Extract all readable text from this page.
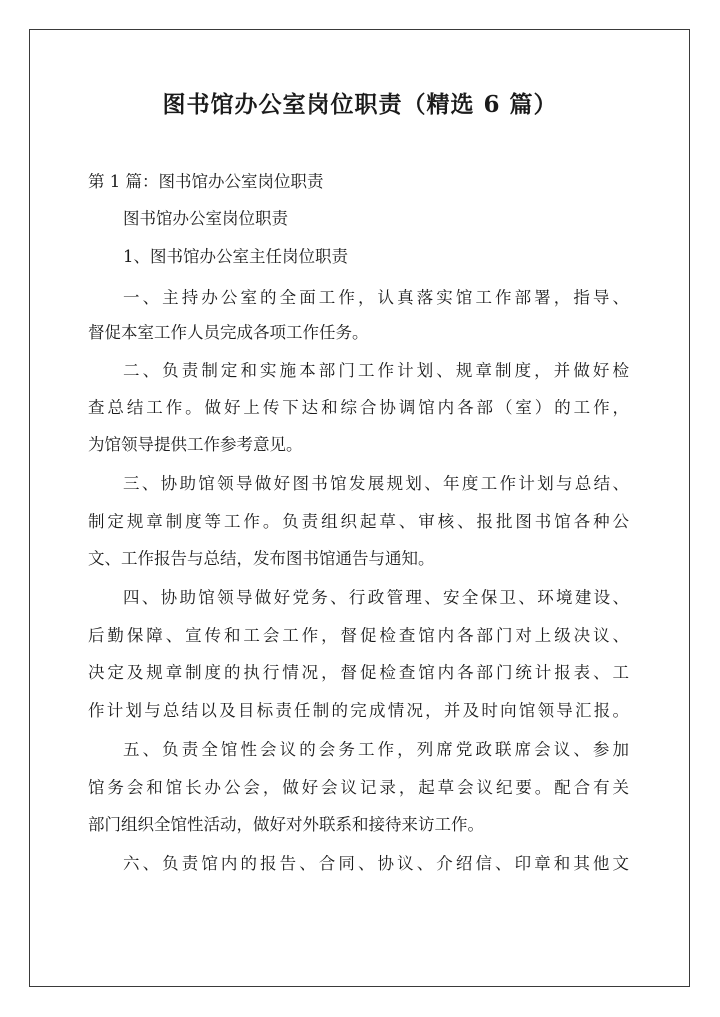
图书馆办公室岗位职责（精选 6 篇）

第 1 篇：图书馆办公室岗位职责

图书馆办公室岗位职责

1、图书馆办公室主任岗位职责

一、主持办公室的全面工作，认真落实馆工作部署，指导、

督促本室工作人员完成各项工作任务。

二、负责制定和实施本部门工作计划、规章制度，并做好检

查总结工作。做好上传下达和综合协调馆内各部（室）的工作，

为馆领导提供工作参考意见。

三、协助馆领导做好图书馆发展规划、年度工作计划与总结、

制定规章制度等工作。负责组织起草、审核、报批图书馆各种公

文、工作报告与总结，发布图书馆通告与通知。

四、协助馆领导做好党务、行政管理、安全保卫、环境建设、

后勤保障、宣传和工会工作，督促检查馆内各部门对上级决议、

决定及规章制度的执行情况，督促检查馆内各部门统计报表、工

作计划与总结以及目标责任制的完成情况，并及时向馆领导汇报。

五、负责全馆性会议的会务工作，列席党政联席会议、参加

馆务会和馆长办公会，做好会议记录，起草会议纪要。配合有关

部门组织全馆性活动，做好对外联系和接待来访工作。

六、负责馆内的报告、合同、协议、介绍信、印章和其他文
